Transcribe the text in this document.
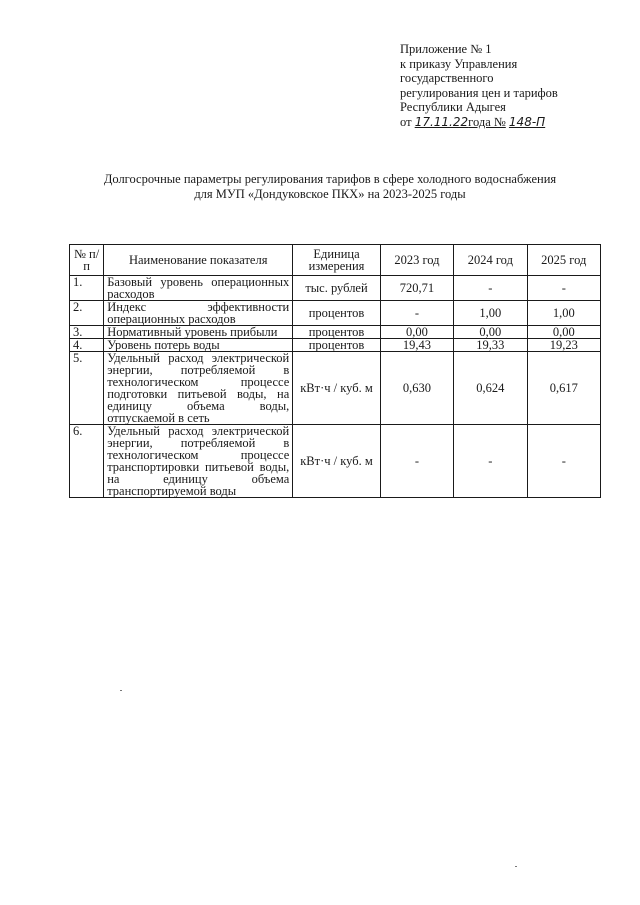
Приложение № 1
к приказу Управления
государственного
регулирования цен и тарифов
Республики Адыгея
от 17.11.22года № 148-П
Долгосрочные параметры регулирования тарифов в сфере холодного водоснабжения
для МУП «Дондуковское ПКХ» на 2023-2025 годы
№ п/п	Наименование показателя	Единица измерения	2023 год	2024 год	2025 год
1.	Базовый уровень операционных расходов	тыс. рублей	720,71	-	-
2.	Индекс эффективности операционных расходов	процентов	-	1,00	1,00
3.	Нормативный уровень прибыли	процентов	0,00	0,00	0,00
4.	Уровень потерь воды	процентов	19,43	19,33	19,23
5.	Удельный расход электрической энергии, потребляемой в технологическом процессе подготовки питьевой воды, на единицу объема воды, отпускаемой в сеть	кВт·ч / куб. м	0,630	0,624	0,617
6.	Удельный расход электрической энергии, потребляемой в технологическом процессе транспортировки питьевой воды, на единицу объема транспортируемой воды	кВт·ч / куб. м	-	-	-
